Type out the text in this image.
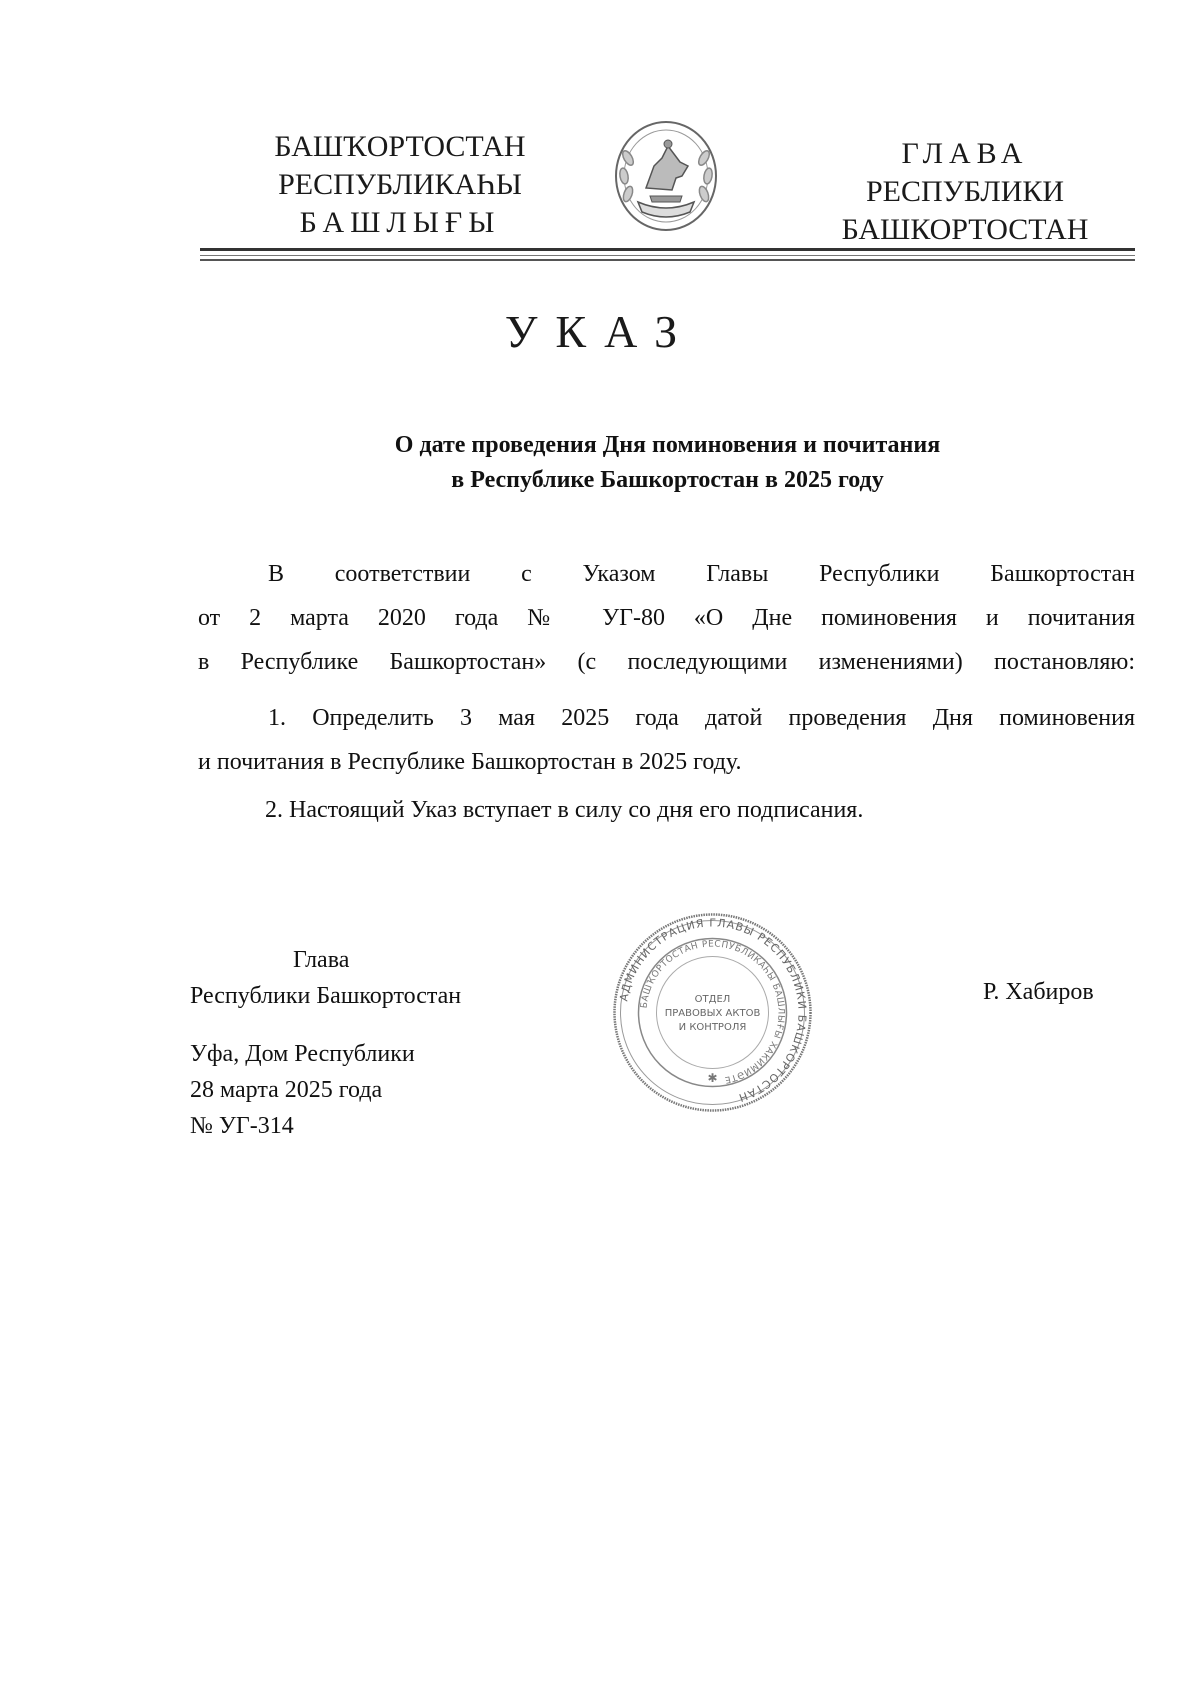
БАШҠОРТОСТАН
РЕСПУБЛИКАҺЫ
БАШЛЫҒЫ
ГЛАВА
РЕСПУБЛИКИ
БАШКОРТОСТАН
УКАЗ
О дате проведения Дня поминовения и почитания
в Республике Башкортостан в 2025 году
В соответствии с Указом Главы Республики Башкортостан
от 2 марта 2020 года № УГ-80 «О Дне поминовения и почитания
в Республике Башкортостан» (с последующими изменениями) постановляю:
1. Определить 3 мая 2025 года датой проведения Дня поминовения
и почитания в Республике Башкортостан в 2025 году.
2. Настоящий Указ вступает в силу со дня его подписания.
Глава
Республики Башкортостан	АДМИНИСТРАЦИЯ ГЛАВЫ РЕСПУБЛИКИ БАШКОРТОСТАН
БАШҠОРТОСТАН РЕСПУБЛИКАҺЫ БАШЛЫҒЫ ХАКИМИӘТЕ
ОТДЕЛ
ПРАВОВЫХ АКТОВ
И КОНТРОЛЯ
✱
Р. Хабиров
Уфа, Дом Республики
28 марта 2025 года
№ УГ-314
